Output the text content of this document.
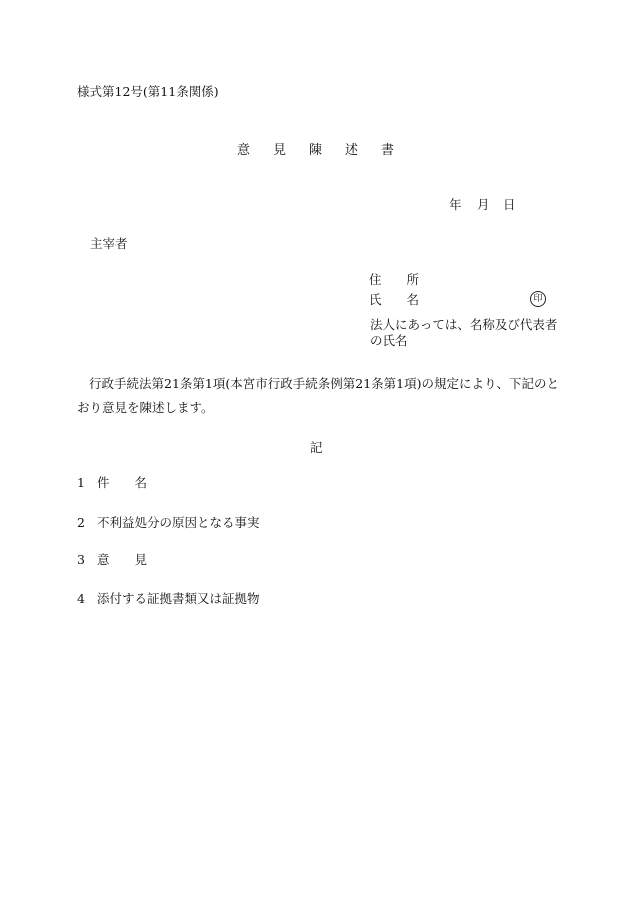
様式第12号(第11条関係)
意 見 陳 述 書
年 月 日
主宰者
住　　所
氏　　名	印
法人にあっては、名称及び代表者
の氏名
行政手続法第21条第1項(本宮市行政手続条例第21条第1項)の規定により、下記のとおり意見を陳述します。
記
1 件　　名
2 不利益処分の原因となる事実
3 意　　見
4 添付する証拠書類又は証拠物
